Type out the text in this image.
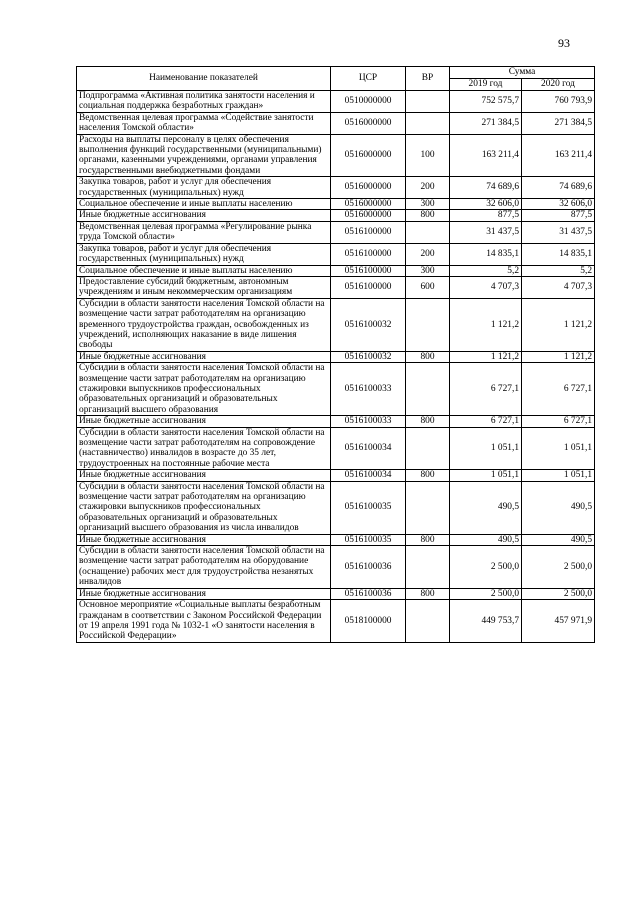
93
Наименование показателей	ЦСР	ВР	Сумма	
			2019 год	2020 год
Подпрограмма «Активная политика занятости населения и социальная поддержка безработных граждан»	0510000000		752 575,7	760 793,9
Ведомственная целевая программа «Содействие занятости населения Томской области»	0516000000		271 384,5	271 384,5
Расходы на выплаты персоналу в целях обеспечения выполнения функций государственными (муниципальными) органами, казенными учреждениями, органами управления государственными внебюджетными фондами	0516000000	100	163 211,4	163 211,4
Закупка товаров, работ и услуг для обеспечения государственных (муниципальных) нужд	0516000000	200	74 689,6	74 689,6
Социальное обеспечение и иные выплаты населению	0516000000	300	32 606,0	32 606,0
Иные бюджетные ассигнования	0516000000	800	877,5	877,5
Ведомственная целевая программа «Регулирование рынка труда Томской области»	0516100000		31 437,5	31 437,5
Закупка товаров, работ и услуг для обеспечения государственных (муниципальных) нужд	0516100000	200	14 835,1	14 835,1
Социальное обеспечение и иные выплаты населению	0516100000	300	5,2	5,2
Предоставление субсидий бюджетным, автономным учреждениям и иным некоммерческим организациям	0516100000	600	4 707,3	4 707,3
Субсидии в области занятости населения Томской области на возмещение части затрат работодателям на организацию временного трудоустройства граждан, освобожденных из учреждений, исполняющих наказание в виде лишения свободы	0516100032		1 121,2	1 121,2
Иные бюджетные ассигнования	0516100032	800	1 121,2	1 121,2
Субсидии в области занятости населения Томской области на возмещение части затрат работодателям на организацию стажировки выпускников профессиональных образовательных организаций и образовательных организаций высшего образования	0516100033		6 727,1	6 727,1
Иные бюджетные ассигнования	0516100033	800	6 727,1	6 727,1
Субсидии в области занятости населения Томской области на возмещение части затрат работодателям на сопровождение (наставничество) инвалидов в возрасте до 35 лет, трудоустроенных на постоянные рабочие места	0516100034		1 051,1	1 051,1
Иные бюджетные ассигнования	0516100034	800	1 051,1	1 051,1
Субсидии в области занятости населения Томской области на возмещение части затрат работодателям на организацию стажировки выпускников профессиональных образовательных организаций и образовательных организаций высшего образования из числа инвалидов	0516100035		490,5	490,5
Иные бюджетные ассигнования	0516100035	800	490,5	490,5
Субсидии в области занятости населения Томской области на возмещение части затрат работодателям на оборудование (оснащение) рабочих мест для трудоустройства незанятых инвалидов	0516100036		2 500,0	2 500,0
Иные бюджетные ассигнования	0516100036	800	2 500,0	2 500,0
Основное мероприятие «Социальные выплаты безработным гражданам в соответствии с Законом Российской Федерации от 19 апреля 1991 года № 1032-1 «О занятости населения в Российской Федерации»	0518100000		449 753,7	457 971,9
